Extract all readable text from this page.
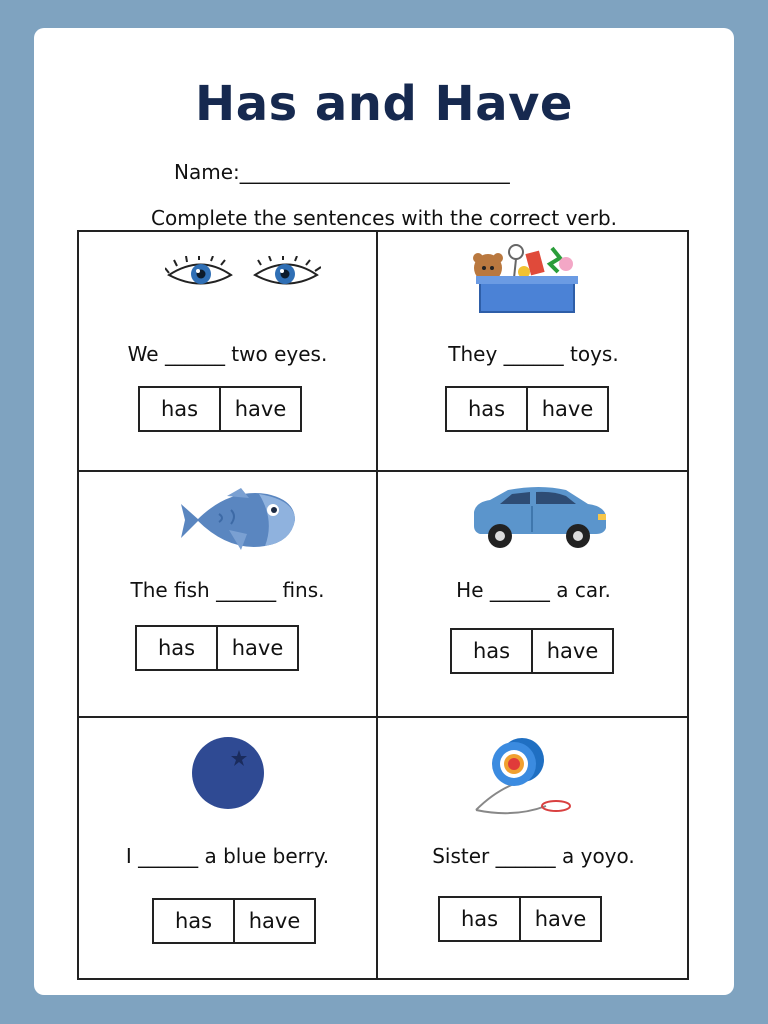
Has and Have
Name:___________________________
Complete the sentences with the correct verb.
We ______ two eyes.
has	have
They ______ toys.
has	have
The fish ______ fins.
has	have
He ______ a car.
has	have
I ______ a blue berry.
has	have
Sister ______ a yoyo.
has	have
